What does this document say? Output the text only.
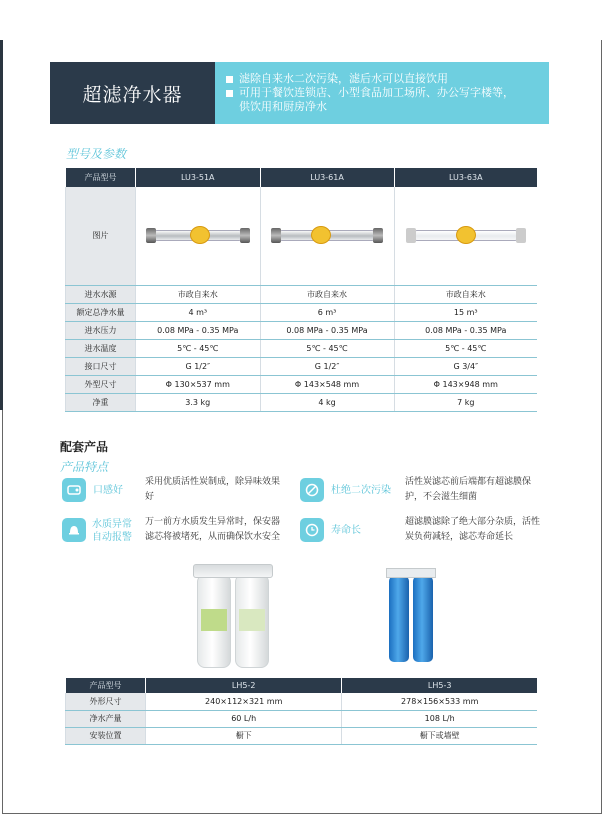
超滤净水器
滤除自来水二次污染，滤后水可以直接饮用
可用于餐饮连锁店、小型食品加工场所、办公写字楼等，
供饮用和厨房净水
型号及参数
产品型号	LU3-51A	LU3-61A	LU3-63A
图片	

进水水源	市政自来水	市政自来水	市政自来水
额定总净水量	4 m³	6 m³	15 m³
进水压力	0.08 MPa - 0.35 MPa	0.08 MPa - 0.35 MPa	0.08 MPa - 0.35 MPa
进水温度	5℃ - 45℃	5℃ - 45℃	5℃ - 45℃
接口尺寸	G 1/2″	G 1/2″	G 3/4″
外型尺寸	Φ 130×537 mm	Φ 143×548 mm	Φ 143×948 mm
净重	3.3 kg	4 kg	7 kg
配套产品
产品特点
口感好
采用优质活性炭制成，除异味效果好
杜绝二次污染
活性炭滤芯前后端都有超滤膜保护，不会滋生细菌
水质异常自动报警
万一前方水质发生异常时，保安器滤芯将被堵死，从而确保饮水安全
寿命长
超滤膜滤除了绝大部分杂质，活性炭负荷减轻，滤芯寿命延长
产品型号	LH5-2	LH5-3
外形尺寸	240×112×321 mm	278×156×533 mm
净水产量	60 L/h	108 L/h
安装位置	橱下	橱下或墙壁
